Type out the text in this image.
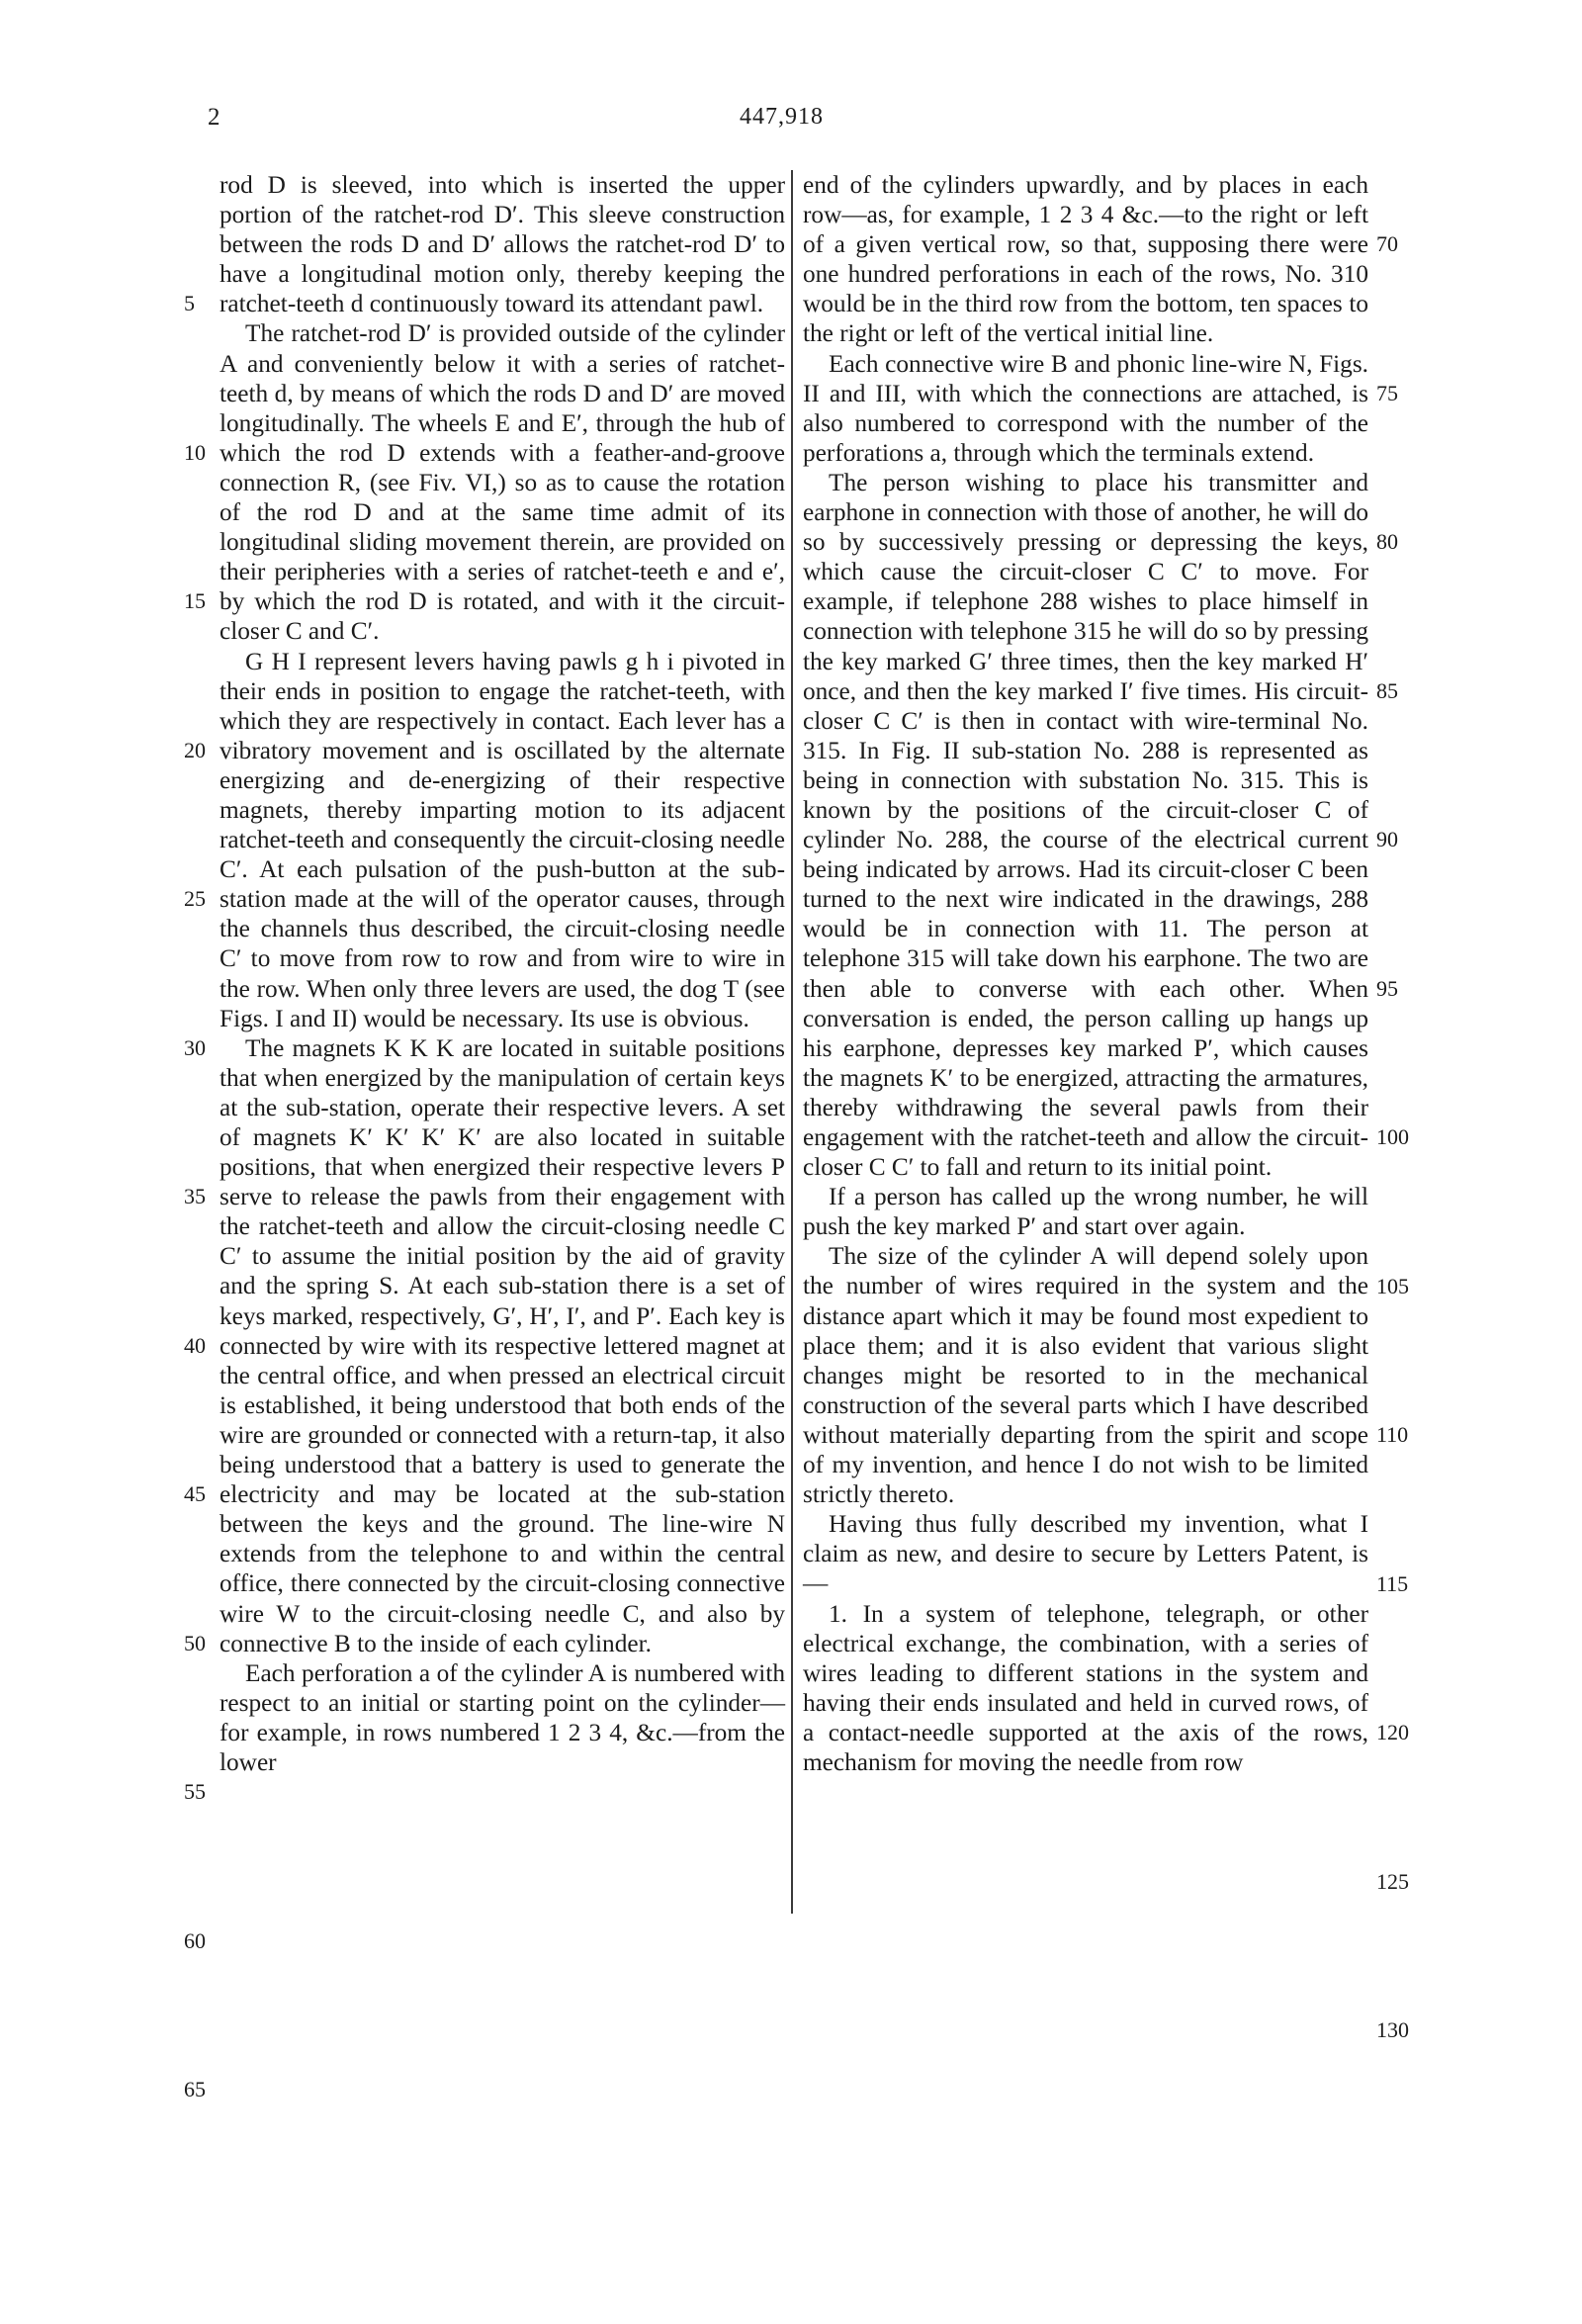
2	447,918

rod D is sleeved, into which is inserted the upper portion of the ratchet-rod D′. This sleeve construction between the rods D and D′ allows the ratchet-rod D′ to have a longitudinal motion only, thereby keeping the ratchet-teeth d continuously toward its attendant pawl.

The ratchet-rod D′ is provided outside of the cylinder A and conveniently below it with a series of ratchet-teeth d, by means of which the rods D and D′ are moved longitudinally. The wheels E and E′, through the hub of which the rod D extends with a feather-and-groove connection R, (see Fiv. VI,) so as to cause the rotation of the rod D and at the same time admit of its longitudinal sliding movement therein, are provided on their peripheries with a series of ratchet-teeth e and e′, by which the rod D is rotated, and with it the circuit-closer C and C′.

G H I represent levers having pawls g h i pivoted in their ends in position to engage the ratchet-teeth, with which they are respectively in contact. Each lever has a vibratory movement and is oscillated by the alternate energizing and de-energizing of their respective magnets, thereby imparting motion to its adjacent ratchet-teeth and consequently the circuit-closing needle C′. At each pulsation of the push-button at the sub-station made at the will of the operator causes, through the channels thus described, the circuit-closing needle C′ to move from row to row and from wire to wire in the row. When only three levers are used, the dog T (see Figs. I and II) would be necessary. Its use is obvious.

The magnets K K K are located in suitable positions that when energized by the manipulation of certain keys at the sub-station, operate their respective levers. A set of magnets K′ K′ K′ K′ are also located in suitable positions, that when energized their respective levers P serve to release the pawls from their engagement with the ratchet-teeth and allow the circuit-closing needle C C′ to assume the initial position by the aid of gravity and the spring S. At each sub-station there is a set of keys marked, respectively, G′, H′, I′, and P′. Each key is connected by wire with its respective lettered magnet at the central office, and when pressed an electrical circuit is established, it being understood that both ends of the wire are grounded or connected with a return-tap, it also being understood that a battery is used to generate the electricity and may be located at the sub-station between the keys and the ground. The line-wire N extends from the telephone to and within the central office, there connected by the circuit-closing connective wire W to the circuit-closing needle C, and also by connective B to the inside of each cylinder.

Each perforation a of the cylinder A is numbered with respect to an initial or starting point on the cylinder—for example, in rows numbered 1 2 3 4, &c.—from the lower

5
10
15
20
25
30
35
40
45
50
55
60
65

end of the cylinders upwardly, and by places in each row—as, for example, 1 2 3 4 &c.—to the right or left of a given vertical row, so that, supposing there were one hundred perforations in each of the rows, No. 310 would be in the third row from the bottom, ten spaces to the right or left of the vertical initial line.

Each connective wire B and phonic line-wire N, Figs. II and III, with which the connections are attached, is also numbered to correspond with the number of the perforations a, through which the terminals extend.

The person wishing to place his transmitter and earphone in connection with those of another, he will do so by successively pressing or depressing the keys, which cause the circuit-closer C C′ to move. For example, if telephone 288 wishes to place himself in connection with telephone 315 he will do so by pressing the key marked G′ three times, then the key marked H′ once, and then the key marked I′ five times. His circuit-closer C C′ is then in contact with wire-terminal No. 315. In Fig. II sub-station No. 288 is represented as being in connection with substation No. 315. This is known by the positions of the circuit-closer C of cylinder No. 288, the course of the electrical current being indicated by arrows. Had its circuit-closer C been turned to the next wire indicated in the drawings, 288 would be in connection with 11. The person at telephone 315 will take down his earphone. The two are then able to converse with each other. When conversation is ended, the person calling up hangs up his earphone, depresses key marked P′, which causes the magnets K′ to be energized, attracting the armatures, thereby withdrawing the several pawls from their engagement with the ratchet-teeth and allow the circuit-closer C C′ to fall and return to its initial point.

If a person has called up the wrong number, he will push the key marked P′ and start over again.

The size of the cylinder A will depend solely upon the number of wires required in the system and the distance apart which it may be found most expedient to place them; and it is also evident that various slight changes might be resorted to in the mechanical construction of the several parts which I have described without materially departing from the spirit and scope of my invention, and hence I do not wish to be limited strictly thereto.

Having thus fully described my invention, what I claim as new, and desire to secure by Letters Patent, is—

1. In a system of telephone, telegraph, or other electrical exchange, the combination, with a series of wires leading to different stations in the system and having their ends insulated and held in curved rows, of a contact-needle supported at the axis of the rows, mechanism for moving the needle from row

70
75
80
85
90
95
100
105
110
115
120
125
130
